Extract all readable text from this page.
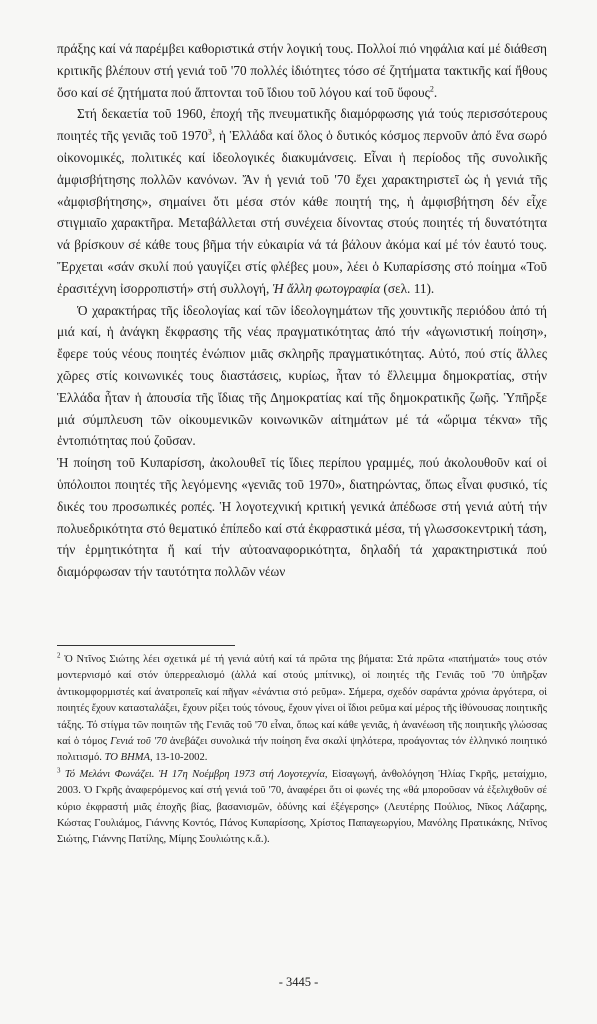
πράξης καί νά παρέμβει καθοριστικά στήν λογική τους. Πολλοί πιό νηφάλια καί μέ διάθεση κριτικῆς βλέπουν στή γενιά τοῦ '70 πολλές ἰδιότητες τόσο σέ ζητήματα τακτικῆς καί ἤθους ὅσο καί σέ ζητήματα πού ἅπτονται τοῦ ἴδιου τοῦ λόγου καί τοῦ ὕφους$^2$.

Στή δεκαετία τοῦ 1960, ἐποχή τῆς πνευματικῆς διαμόρφωσης γιά τούς περισσότερους ποιητές τῆς γενιᾶς τοῦ 1970$^3$, ἡ Ἑλλάδα καί ὅλος ὁ δυτικός κόσμος περνοῦν ἀπό ἕνα σωρό οἰκονομικές, πολιτικές καί ἰδεολογικές διακυμάνσεις. Εἶναι ἡ περίοδος τῆς συνολικῆς ἀμφισβήτησης πολλῶν κανόνων. Ἄν ἡ γενιά τοῦ '70 ἔχει χαρακτηριστεῖ ὡς ἡ γενιά τῆς «ἀμφισβήτησης», σημαίνει ὅτι μέσα στόν κάθε ποιητή της, ἡ ἀμφισβήτηση δέν εἶχε στιγμιαῖο χαρακτῆρα. Μεταβάλλεται στή συνέχεια δίνοντας στούς ποιητές τή δυνατότητα νά βρίσκουν σέ κάθε τους βῆμα τήν εὐκαιρία νά τά βάλουν ἀκόμα καί μέ τόν ἑαυτό τους. Ἔρχεται «σάν σκυλί πού γαυγίζει στίς φλέβες μου», λέει ὁ Κυπαρίσσης στό ποίημα «Τοῦ ἐρασιτέχνη ἰσορροπιστή» στή συλλογή, Ἡ ἄλλη φωτογραφία (σελ. 11).

Ὁ χαρακτήρας τῆς ἰδεολογίας καί τῶν ἰδεολογημάτων τῆς χουντικῆς περιόδου ἀπό τή μιά καί, ἡ ἀνάγκη ἔκφρασης τῆς νέας πραγματικότητας ἀπό τήν «ἀγωνιστική ποίηση», ἔφερε τούς νέους ποιητές ἐνώπιον μιᾶς σκληρῆς πραγματικότητας. Αὐτό, πού στίς ἄλλες χῶρες στίς κοινωνικές τους διαστάσεις, κυρίως, ἦταν τό ἔλλειμμα δημοκρατίας, στήν Ἑλλάδα ἦταν ἡ ἀπουσία τῆς ἴδιας τῆς Δημοκρατίας καί τῆς δημοκρατικῆς ζωῆς. Ὑπῆρξε μιά σύμπλευση τῶν οἰκουμενικῶν κοινωνικῶν αἰτημάτων μέ τά «ὥριμα τέκνα» τῆς ἐντοπιότητας πού ζοῦσαν.

Ἡ ποίηση τοῦ Κυπαρίσση, ἀκολουθεῖ τίς ἴδιες περίπου γραμμές, πού ἀκολουθοῦν καί οἱ ὑπόλοιποι ποιητές τῆς λεγόμενης «γενιᾶς τοῦ 1970», διατηρώντας, ὅπως εἶναι φυσικό, τίς δικές του προσωπικές ροπές. Ἡ λογοτεχνική κριτική γενικά ἀπέδωσε στή γενιά αὐτή τήν πολυεδρικότητα στό θεματικό ἐπίπεδο καί στά ἐκφραστικά μέσα, τή γλωσσοκεντρική τάση, τήν ἑρμητικότητα ἤ καί τήν αὐτοαναφορικότητα, δηλαδή τά χαρακτηριστικά πού διαμόρφωσαν τήν ταυτότητα πολλῶν νέων

$^2$ Ὁ Ντῖνος Σιώτης λέει σχετικά μέ τή γενιά αὐτή καί τά πρῶτα της βήματα: Στά πρῶτα «πατήματά» τους στόν μοντερνισμό καί στόν ὑπερρεαλισμό (ἀλλά καί στούς μπίτνικς), οἱ ποιητές τῆς Γενιᾶς τοῦ '70 ὑπῆρξαν ἀντικομφορμιστές καί ἀνατροπεῖς καί πῆγαν «ἐνάντια στό ρεῦμα». Σήμερα, σχεδόν σαράντα χρόνια ἀργότερα, οἱ ποιητές ἔχουν κατασταλάξει, ἔχουν ρίξει τούς τόνους, ἔχουν γίνει οἱ ἴδιοι ρεῦμα καί μέρος τῆς ἰθύνουσας ποιητικῆς τάξης. Τό στίγμα τῶν ποιητῶν τῆς Γενιᾶς τοῦ '70 εἶναι, ὅπως καί κάθε γενιᾶς, ἡ ἀνανέωση τῆς ποιητικῆς γλώσσας καί ὁ τόμος Γενιά τοῦ '70 ἀνεβάζει συνολικά τήν ποίηση ἕνα σκαλί ψηλότερα, προάγοντας τόν ἑλληνικό ποιητικό πολιτισμό. ΤΟ ΒΗΜΑ, 13-10-2002.

$^3$ Τό Μελάνι Φωνάζει. Ἡ 17η Νοέμβρη 1973 στή Λογοτεχνία, Εἰσαγωγή, ἀνθολόγηση Ἠλίας Γκρῆς, μεταίχμιο, 2003. Ὁ Γκρῆς ἀναφερόμενος καί στή γενιά τοῦ '70, ἀναφέρει ὅτι οἱ φωνές της «θά μποροῦσαν νά ἐξελιχθοῦν σέ κύριο ἐκφραστή μιᾶς ἐποχῆς βίας, βασανισμῶν, ὀδύνης καί ἐξέγερσης» (Λευτέρης Πούλιος, Νῖκος Λάζαρης, Κώστας Γουλιάμος, Γιάννης Κοντός, Πάνος Κυπαρίσσης, Χρίστος Παπαγεωργίου, Μανόλης Πρατικάκης, Ντῖνος Σιώτης, Γιάννης Πατίλης, Μίμης Σουλιώτης κ.ἄ.).

- 3445 -
